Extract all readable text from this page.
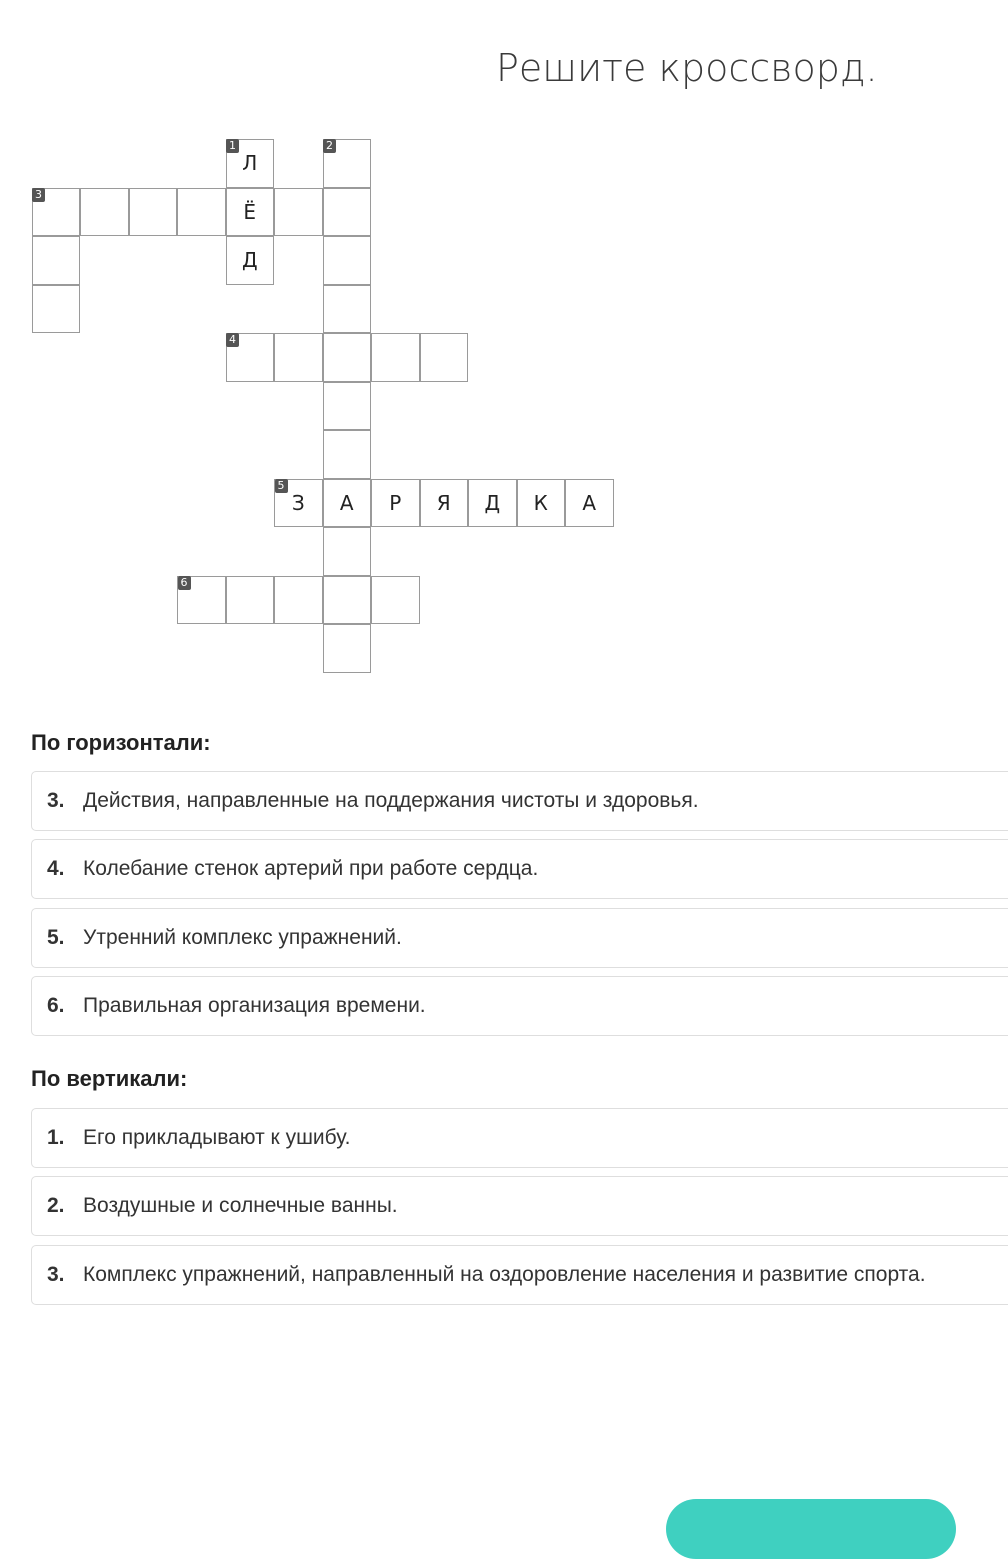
Решите кроссворд.
Л
Ё
Д
З	А	Р	Я	Д	К	А
1	2
3
4
5
6
По горизонтали:
3. Действия, направленные на поддержания чистоты и здоровья.
4. Колебание стенок артерий при работе сердца.
5. Утренний комплекс упражнений.
6. Правильная организация времени.
По вертикали:
1. Его прикладывают к ушибу.
2. Воздушные и солнечные ванны.
3. Комплекс упражнений, направленный на оздоровление населения и развитие спорта.
